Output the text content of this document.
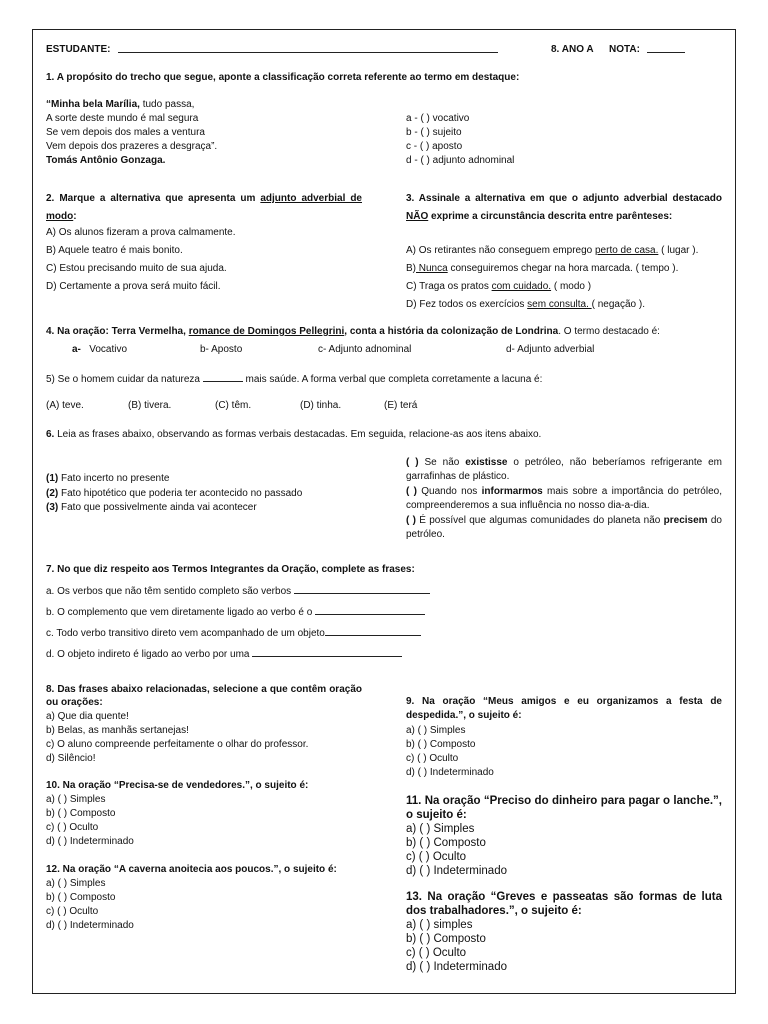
ESTUDANTE:	8. ANO A NOTA:
1. A propósito do trecho que segue, aponte a classificação correta referente ao termo em destaque:
“Minha bela Marília, tudo passa,
A sorte deste mundo é mal segura
Se vem depois dos males a ventura
Vem depois dos prazeres a desgraça”.
Tomás Antônio Gonzaga.
a - ( ) vocativo
b - ( ) sujeito
c - ( ) aposto
d - ( ) adjunto adnominal
2. Marque a alternativa que apresenta um adjunto adverbial de modo:
A) Os alunos fizeram a prova calmamente.
B) Aquele teatro é mais bonito.
C) Estou precisando muito de sua ajuda.
D) Certamente a prova será muito fácil.
3. Assinale a alternativa em que o adjunto adverbial destacado NÃO exprime a circunstância descrita entre parênteses:
A) Os retirantes não conseguem emprego perto de casa. ( lugar ).
B) Nunca conseguiremos chegar na hora marcada. ( tempo ).
C) Traga os pratos com cuidado. ( modo )
D) Fez todos os exercícios sem consulta. ( negação ).
4. Na oração: Terra Vermelha, romance de Domingos Pellegrini, conta a história da colonização de Londrina. O termo destacado é:
a-   Vocativo	b- Aposto	c- Adjunto adnominal	d- Adjunto adverbial
5) Se o homem cuidar da natureza	mais saúde. A forma verbal que completa corretamente a lacuna é:
(A) teve.	(B) tivera.	(C) têm.	(D) tinha.	(E) terá
6. Leia as frases abaixo, observando as formas verbais destacadas. Em seguida, relacione-as aos itens abaixo.
(1) Fato incerto no presente
(2) Fato hipotético que poderia ter acontecido no passado
(3) Fato que possivelmente ainda vai acontecer
( ) Se não existisse o petróleo, não beberíamos refrigerante em garrafinhas de plástico.
( ) Quando nos informarmos mais sobre a importância do petróleo, compreenderemos a sua influência no nosso dia-a-dia.
( ) É possível que algumas comunidades do planeta não precisem do petróleo.
7. No que diz respeito aos Termos Integrantes da Oração, complete as frases:
a. Os verbos que não têm sentido completo são verbos
b. O complemento que vem diretamente ligado ao verbo é o
c. Todo verbo transitivo direto vem acompanhado de um objeto
d. O objeto indireto é ligado ao verbo por uma
8. Das frases abaixo relacionadas, selecione a que contêm oração ou orações:
a) Que dia quente!
b) Belas, as manhãs sertanejas!
c) O aluno compreende perfeitamente o olhar do professor.
d) Silêncio!
9. Na oração “Meus amigos e eu organizamos a festa de despedida.”, o sujeito é:
a) ( ) Simples
b) ( ) Composto
c) ( ) Oculto
d) ( ) Indeterminado
10. Na oração “Precisa-se de vendedores.”, o sujeito é:
a) ( ) Simples
b) ( ) Composto
c) ( ) Oculto
d) ( ) Indeterminado
11. Na oração “Preciso do dinheiro para pagar o lanche.”, o sujeito é:
a) ( ) Simples
b) ( ) Composto
c) ( ) Oculto
d) ( ) Indeterminado
12. Na oração “A caverna anoitecia aos poucos.”, o sujeito é:
a) ( ) Simples
b) ( ) Composto
c) ( ) Oculto
d) ( ) Indeterminado
13. Na oração “Greves e passeatas são formas de luta dos trabalhadores.”, o sujeito é:
a) ( ) simples
b) ( ) Composto
c) ( ) Oculto
d) ( ) Indeterminado
